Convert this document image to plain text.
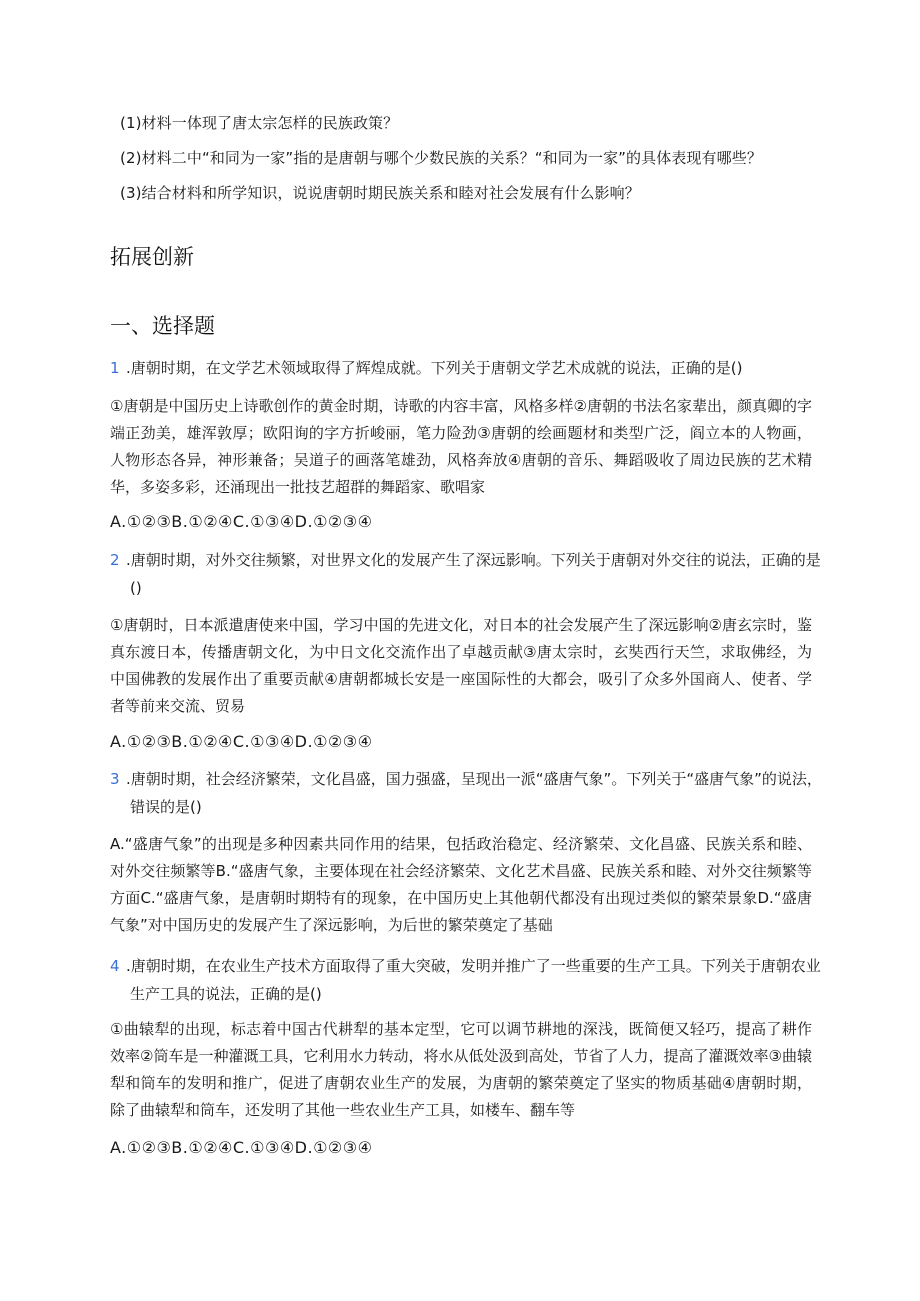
(1)材料一体现了唐太宗怎样的民族政策？
(2)材料二中“和同为一家”指的是唐朝与哪个少数民族的关系？“和同为一家”的具体表现有哪些？
(3)结合材料和所学知识，说说唐朝时期民族关系和睦对社会发展有什么影响？
拓展创新
一、选择题

1 .唐朝时期，在文学艺术领域取得了辉煌成就。下列关于唐朝文学艺术成就的说法，正确的是()

①唐朝是中国历史上诗歌创作的黄金时期，诗歌的内容丰富，风格多样②唐朝的书法名家辈出，颜真卿的字端正劲美，雄浑敦厚；欧阳询的字方折峻丽，笔力险劲③唐朝的绘画题材和类型广泛，阎立本的人物画，人物形态各异，神形兼备；吴道子的画落笔雄劲，风格奔放④唐朝的音乐、舞蹈吸收了周边民族的艺术精华，多姿多彩，还涌现出一批技艺超群的舞蹈家、歌唱家

A.①②③B.①②④C.①③④D.①②③④

2 .唐朝时期，对外交往频繁，对世界文化的发展产生了深远影响。下列关于唐朝对外交往的说法，正确的是()

①唐朝时，日本派遣唐使来中国，学习中国的先进文化，对日本的社会发展产生了深远影响②唐玄宗时，鉴真东渡日本，传播唐朝文化，为中日文化交流作出了卓越贡献③唐太宗时，玄奘西行天竺，求取佛经，为中国佛教的发展作出了重要贡献④唐朝都城长安是一座国际性的大都会，吸引了众多外国商人、使者、学者等前来交流、贸易

A.①②③B.①②④C.①③④D.①②③④

3 .唐朝时期，社会经济繁荣，文化昌盛，国力强盛，呈现出一派“盛唐气象”。下列关于“盛唐气象”的说法，错误的是()

A.“盛唐气象”的出现是多种因素共同作用的结果，包括政治稳定、经济繁荣、文化昌盛、民族关系和睦、对外交往频繁等B.“盛唐气象，主要体现在社会经济繁荣、文化艺术昌盛、民族关系和睦、对外交往频繁等方面C.“盛唐气象，是唐朝时期特有的现象，在中国历史上其他朝代都没有出现过类似的繁荣景象D.“盛唐气象”对中国历史的发展产生了深远影响，为后世的繁荣奠定了基础

4 .唐朝时期，在农业生产技术方面取得了重大突破，发明并推广了一些重要的生产工具。下列关于唐朝农业生产工具的说法，正确的是()

①曲辕犁的出现，标志着中国古代耕犁的基本定型，它可以调节耕地的深浅，既简便又轻巧，提高了耕作效率②筒车是一种灌溉工具，它利用水力转动，将水从低处汲到高处，节省了人力，提高了灌溉效率③曲辕犁和筒车的发明和推广，促进了唐朝农业生产的发展，为唐朝的繁荣奠定了坚实的物质基础④唐朝时期，除了曲辕犁和筒车，还发明了其他一些农业生产工具，如楼车、翻车等

A.①②③B.①②④C.①③④D.①②③④
